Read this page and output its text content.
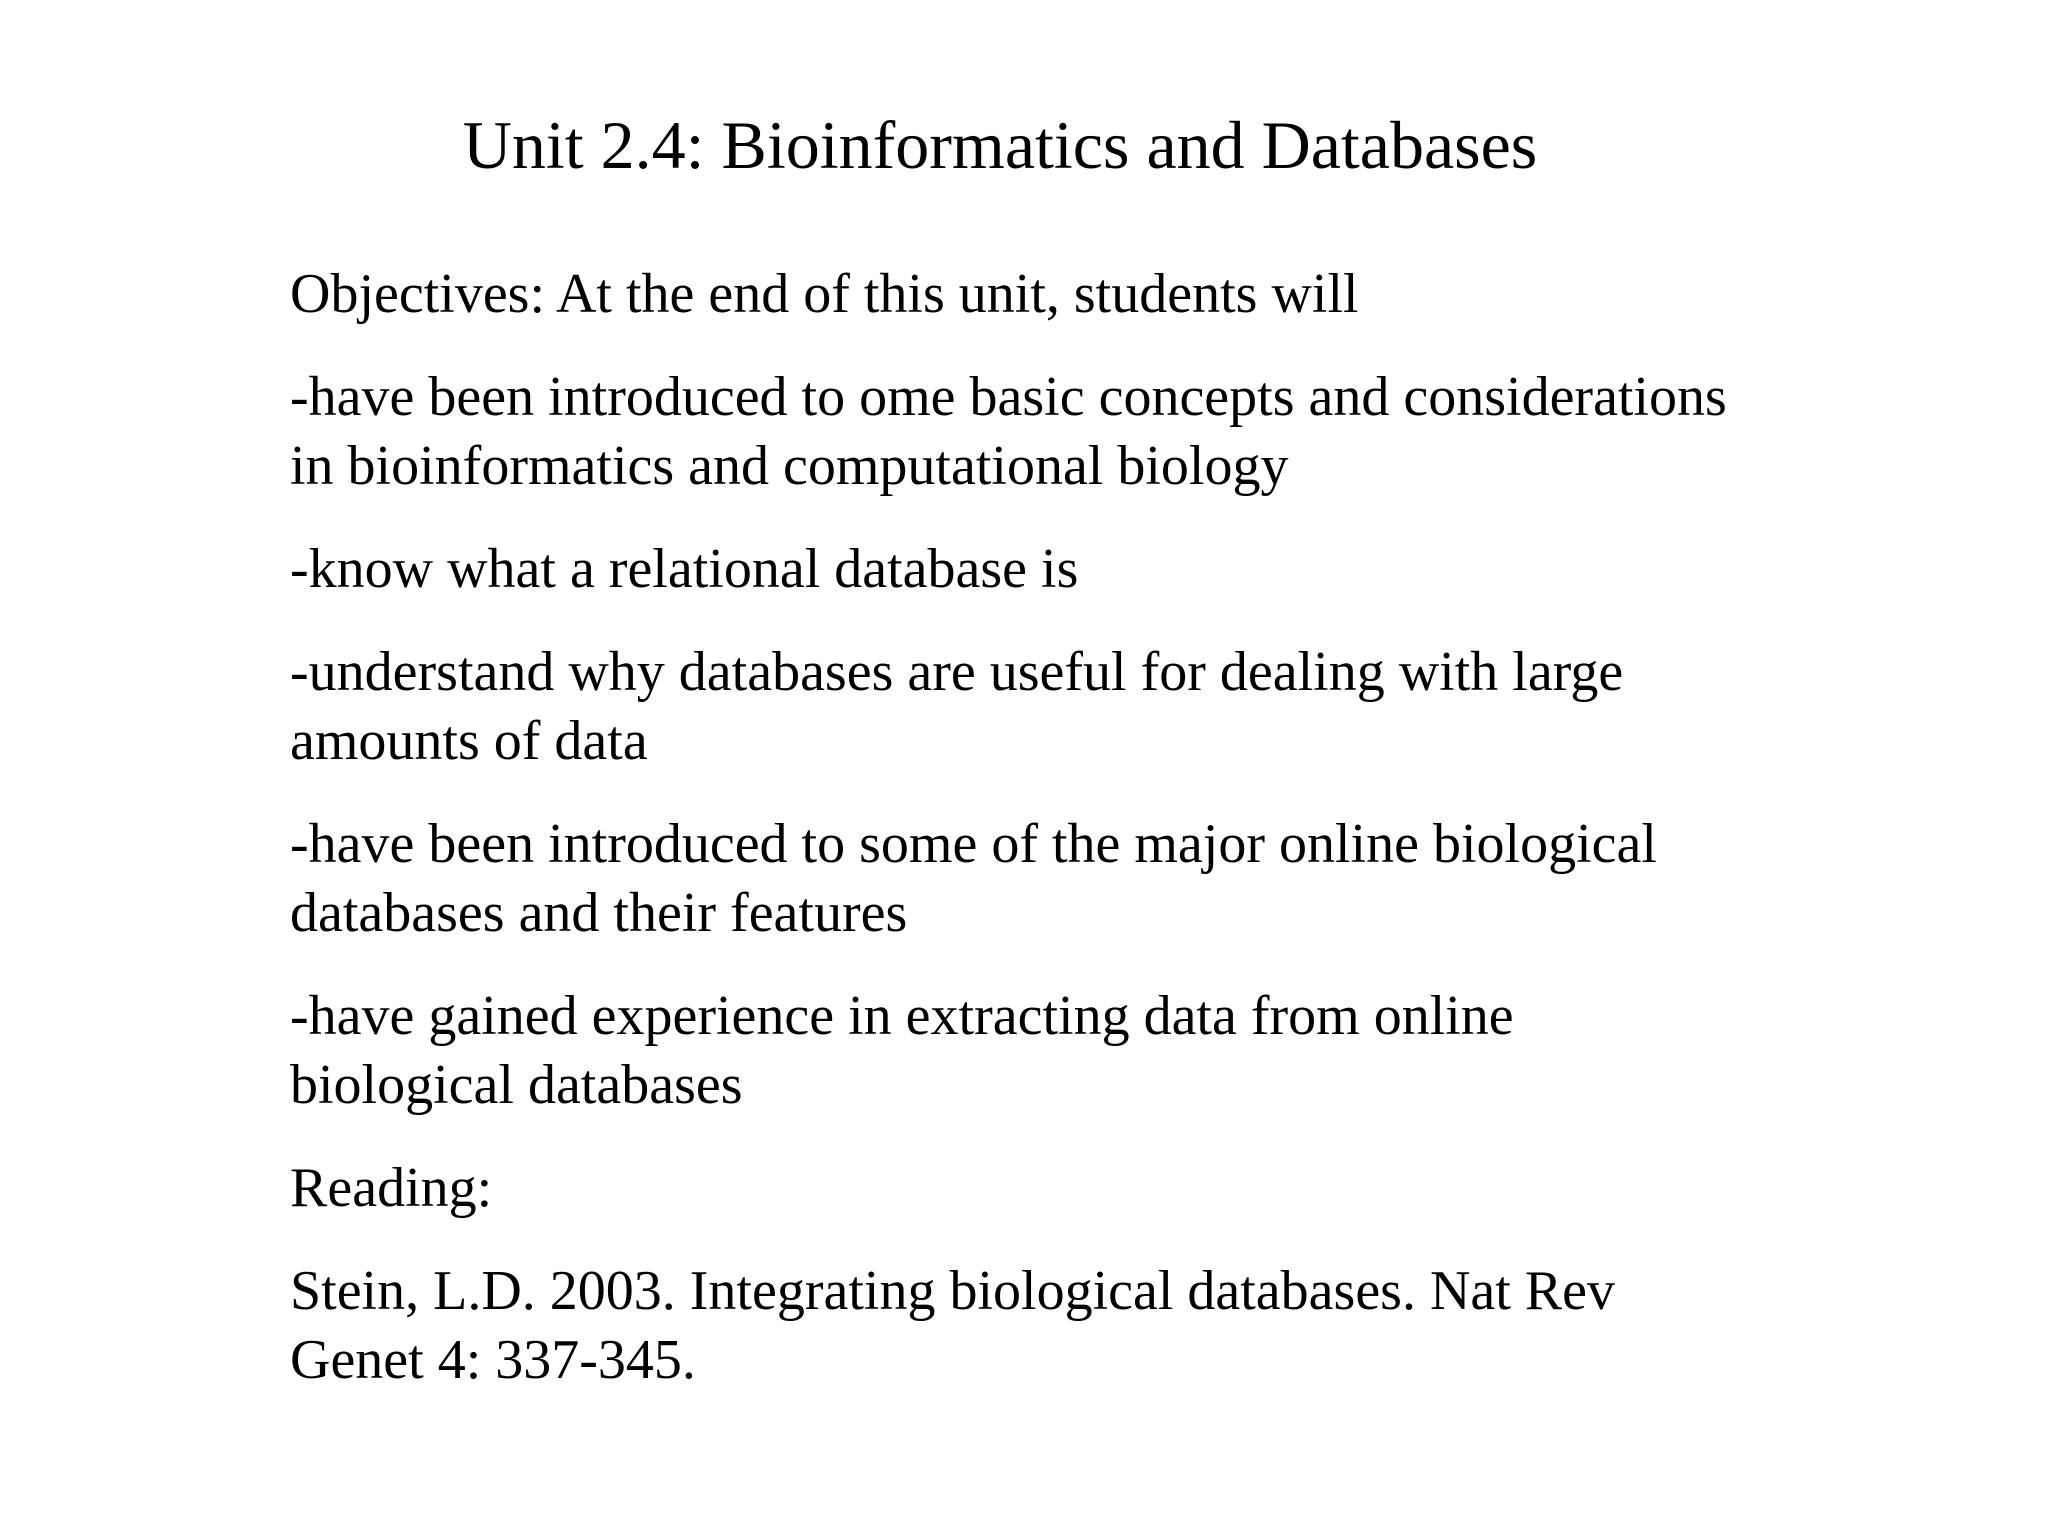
Unit 2.4: Bioinformatics and Databases

Objectives: At the end of this unit, students will

-have been introduced to ome basic concepts and considerations
in bioinformatics and computational biology

-know what a relational database is

-understand why databases are useful for dealing with large
amounts of data

-have been introduced to some of the major online biological
databases and their features

-have gained experience in extracting data from online
biological databases

Reading:

Stein, L.D. 2003. Integrating biological databases. Nat Rev
Genet 4: 337-345.
